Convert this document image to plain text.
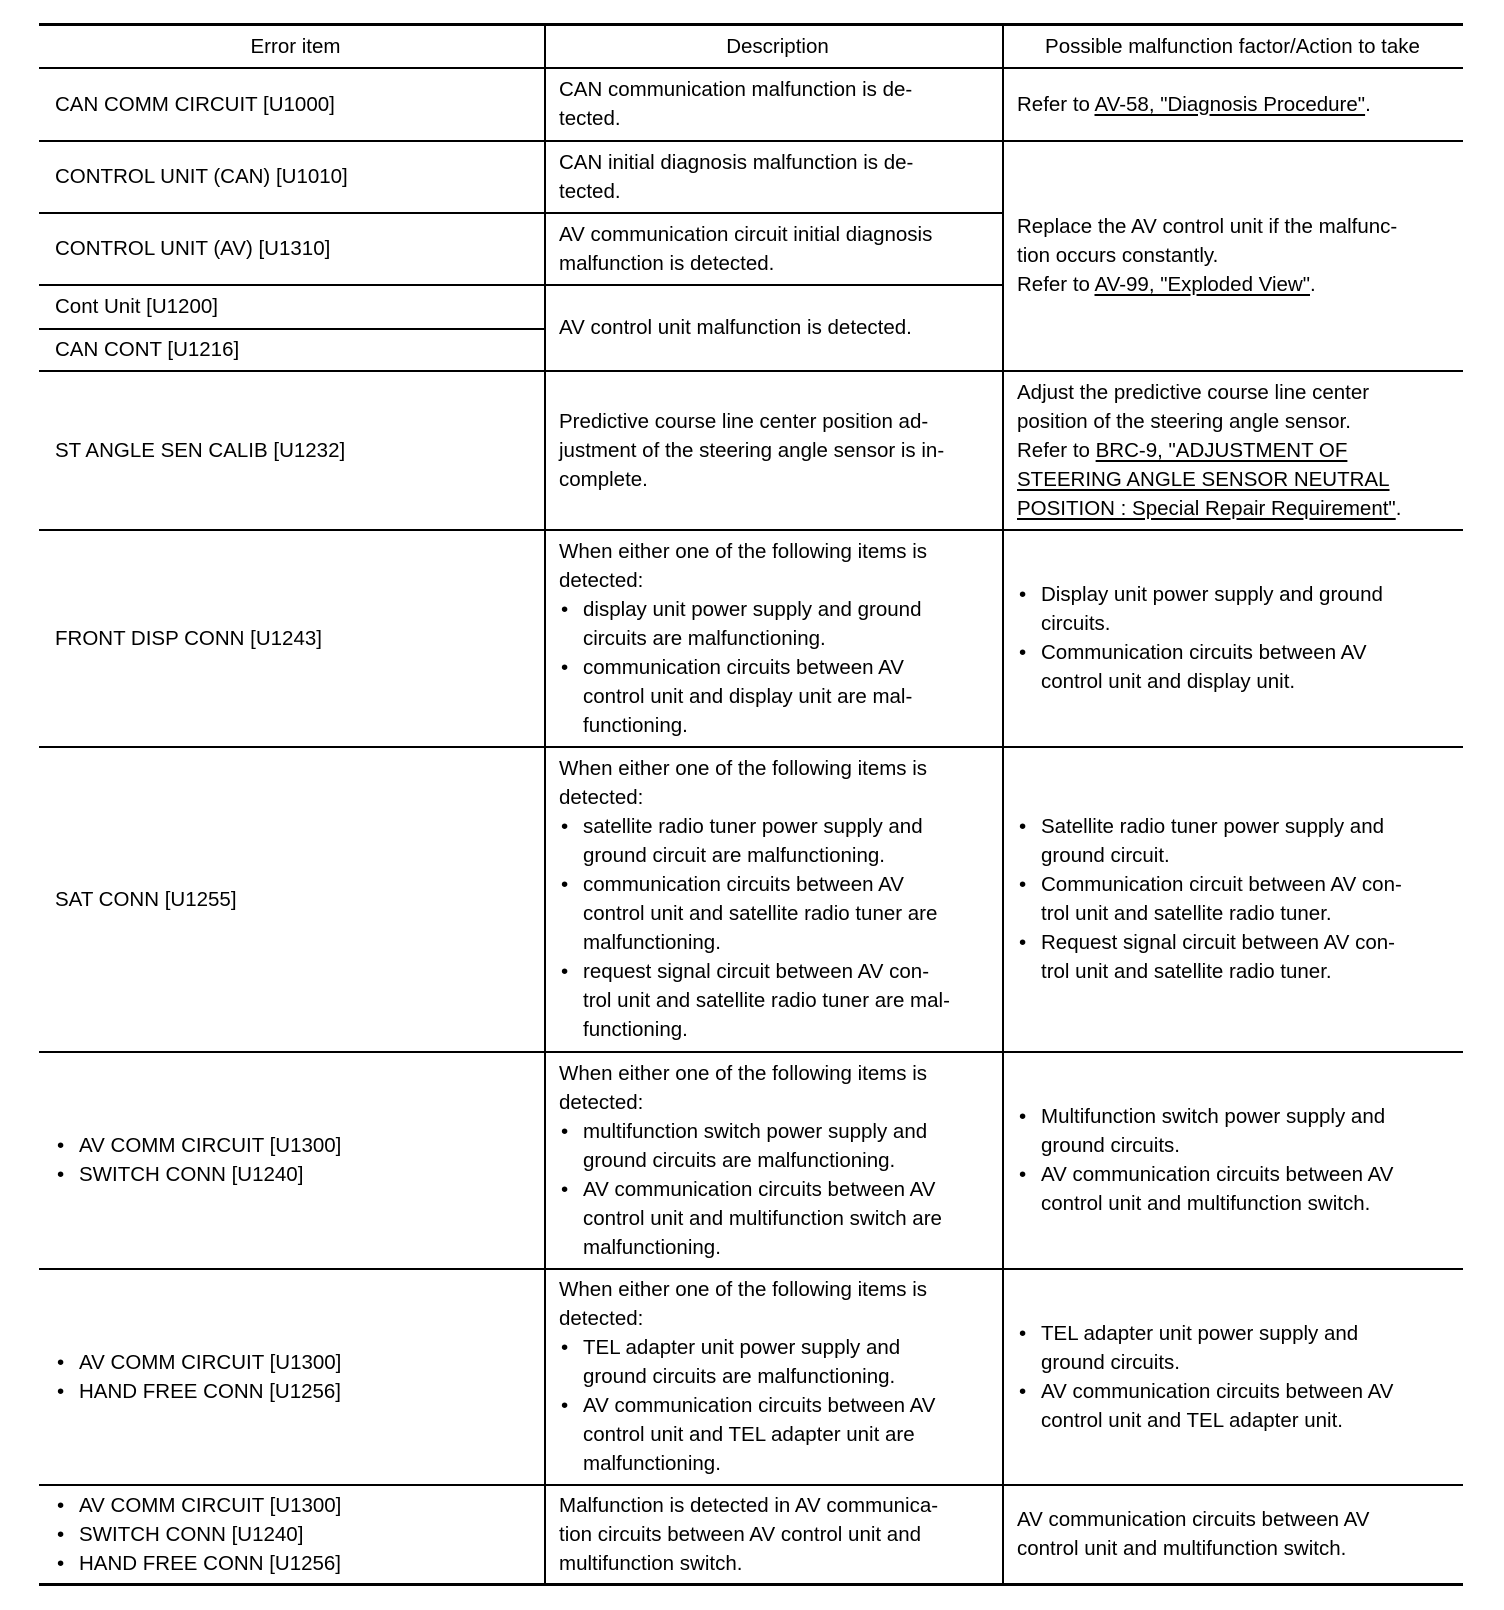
Error item	Description	Possible malfunction factor/Action to take
CAN COMM CIRCUIT [U1000]
CAN communication malfunction is de-
tected.
Refer to AV-58, "Diagnosis Procedure".
CONTROL UNIT (CAN) [U1010]
CAN initial diagnosis malfunction is de-
tected.
CONTROL UNIT (AV) [U1310]
AV communication circuit initial diagnosis
malfunction is detected.
Replace the AV control unit if the malfunc-
tion occurs constantly.
Refer to AV-99, "Exploded View".
Cont Unit [U1200]
CAN CONT [U1216]
AV control unit malfunction is detected.
ST ANGLE SEN CALIB [U1232]
Predictive course line center position ad-
justment of the steering angle sensor is in-
complete.
Adjust the predictive course line center
position of the steering angle sensor.
Refer to BRC-9, "ADJUSTMENT OF
STEERING ANGLE SENSOR NEUTRAL
POSITION : Special Repair Requirement".
FRONT DISP CONN [U1243]
When either one of the following items is
detected:
• display unit power supply and ground
circuits are malfunctioning.
• communication circuits between AV
control unit and display unit are mal-
functioning.
• Display unit power supply and ground
circuits.
• Communication circuits between AV
control unit and display unit.
SAT CONN [U1255]
When either one of the following items is
detected:
• satellite radio tuner power supply and
ground circuit are malfunctioning.
• communication circuits between AV
control unit and satellite radio tuner are
malfunctioning.
• request signal circuit between AV con-
trol unit and satellite radio tuner are mal-
functioning.
• Satellite radio tuner power supply and
ground circuit.
• Communication circuit between AV con-
trol unit and satellite radio tuner.
• Request signal circuit between AV con-
trol unit and satellite radio tuner.
• AV COMM CIRCUIT [U1300]
• SWITCH CONN [U1240]
When either one of the following items is
detected:
• multifunction switch power supply and
ground circuits are malfunctioning.
• AV communication circuits between AV
control unit and multifunction switch are
malfunctioning.
• Multifunction switch power supply and
ground circuits.
• AV communication circuits between AV
control unit and multifunction switch.
• AV COMM CIRCUIT [U1300]
• HAND FREE CONN [U1256]
When either one of the following items is
detected:
• TEL adapter unit power supply and
ground circuits are malfunctioning.
• AV communication circuits between AV
control unit and TEL adapter unit are
malfunctioning.
• TEL adapter unit power supply and
ground circuits.
• AV communication circuits between AV
control unit and TEL adapter unit.
• AV COMM CIRCUIT [U1300]
• SWITCH CONN [U1240]
• HAND FREE CONN [U1256]
Malfunction is detected in AV communica-
tion circuits between AV control unit and
multifunction switch.
AV communication circuits between AV
control unit and multifunction switch.
